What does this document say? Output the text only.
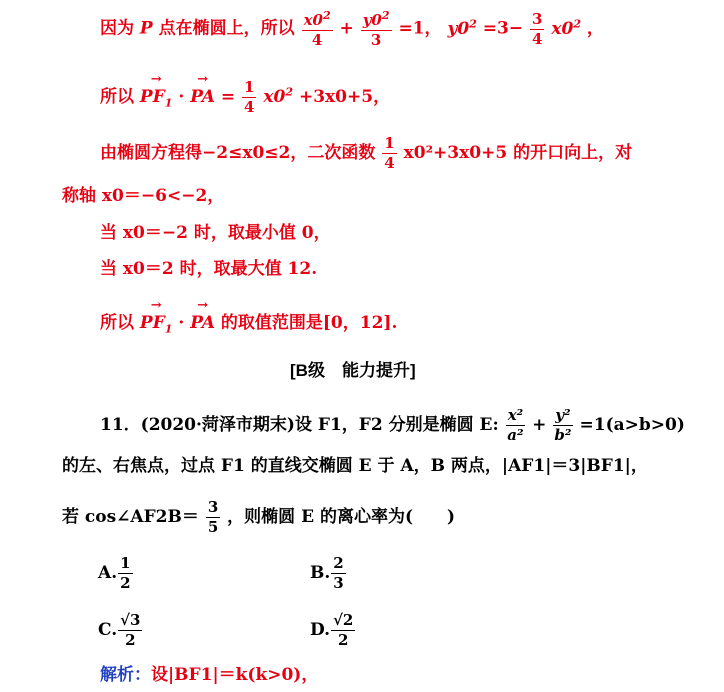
因为 P 点在椭圆上，所以 $\frac{x0^2}{4} + \frac{y0^2}{3} =1$， $y0^2 =3- \frac{3}{4} x0^2$ ，
所以 → $PF_1$ · → PA = $\frac{1}{4} x0^2 +3x0+5$，
由椭圆方程得−2≤x0≤2，二次函数 $\frac{1}{4} x0^2+3x0+5$ 的开口向上，对
称轴 x0＝−6<−2，
当 x0＝−2 时，取最小值 0，
当 x0＝2 时，取最大值 12.
所以 → $PF_1$ · → PA 的取值范围是[0，12].
[B级　能力提升]
11．(2020·菏泽市期末)设 F1，F2 分别是椭圆 E: $\frac{\text{x²}}{\text{a²}} + \frac{\text{y²}}{\text{b²}} =1(a>b>0)$
的左、右焦点，过点 F1 的直线交椭圆 E 于 A，B 两点，|AF1|＝3|BF1|，
若 cos∠AF2B＝ $\frac{3}{5}$ ，则椭圆 E 的离心率为( )
A. $\frac{1}{2}$	B. $\frac{2}{3}$
C. $\frac{√3}{2}$	D. $\frac{√2}{2}$
解析：设|BF1|＝k(k>0)，
